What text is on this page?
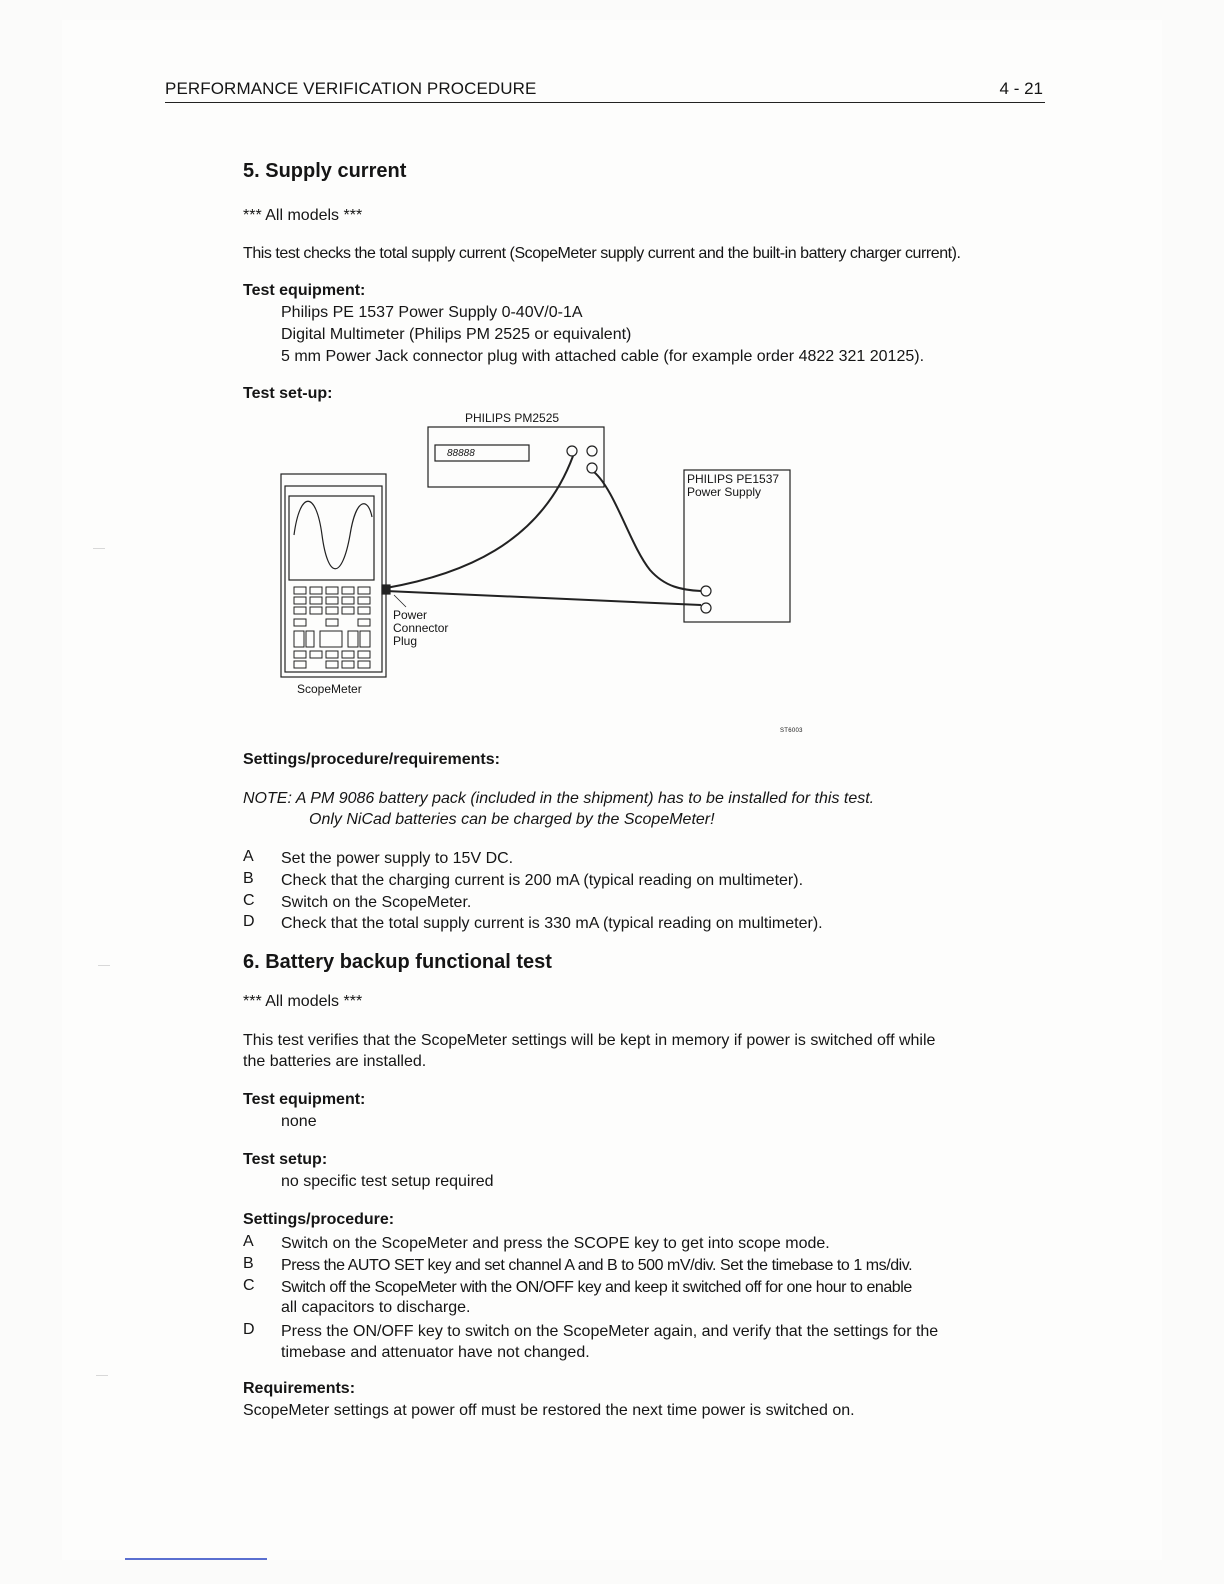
PERFORMANCE VERIFICATION PROCEDURE	4 - 21
5. Supply current
*** All models ***
This test checks the total supply current (ScopeMeter supply current and the built-in battery charger current).
Test equipment:
Philips PE 1537 Power Supply 0-40V/0-1A
Digital Multimeter (Philips PM 2525 or equivalent)
5 mm Power Jack connector plug with attached cable (for example order 4822 321 20125).
Test set-up:
PHILIPS PM2525
88888
PHILIPS PE1537
Power Supply
Power
Connector
Plug
ScopeMeter
ST6003
Settings/procedure/requirements:
NOTE: A PM 9086 battery pack (included in the shipment) has to be installed for this test.
Only NiCad batteries can be charged by the ScopeMeter!
A Set the power supply to 15V DC.
B Check that the charging current is 200 mA (typical reading on multimeter).
C Switch on the ScopeMeter.
D Check that the total supply current is 330 mA (typical reading on multimeter).
6. Battery backup functional test
*** All models ***
This test verifies that the ScopeMeter settings will be kept in memory if power is switched off while
the batteries are installed.
Test equipment:
none
Test setup:
no specific test setup required
Settings/procedure:
A Switch on the ScopeMeter and press the SCOPE key to get into scope mode.
B Press the AUTO SET key and set channel A and B to 500 mV/div. Set the timebase to 1 ms/div.
C Switch off the ScopeMeter with the ON/OFF key and keep it switched off for one hour to enable
all capacitors to discharge.
D Press the ON/OFF key to switch on the ScopeMeter again, and verify that the settings for the
timebase and attenuator have not changed.
Requirements:
ScopeMeter settings at power off must be restored the next time power is switched on.
